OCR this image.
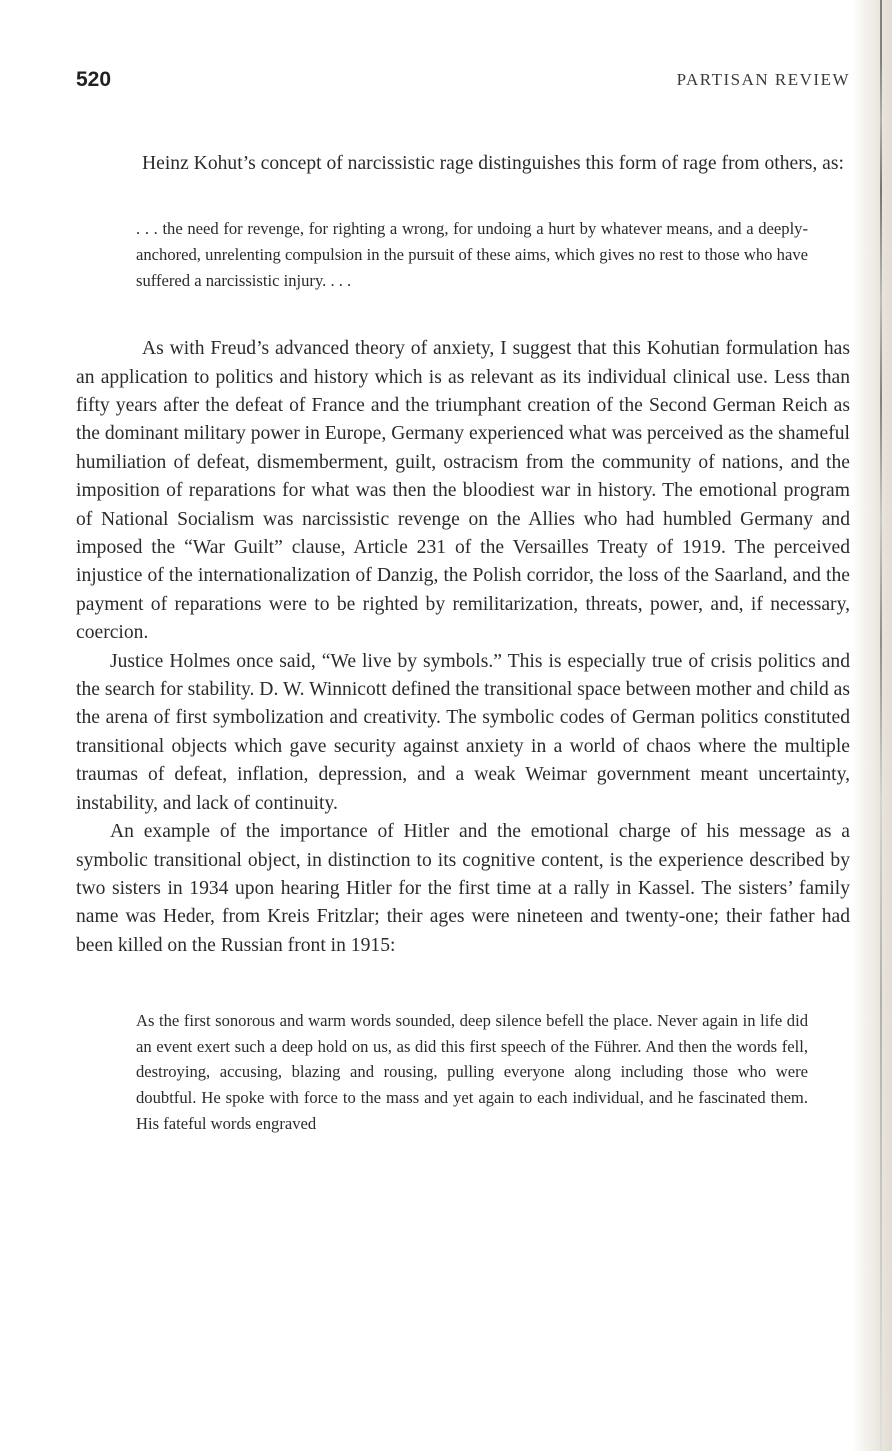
520	PARTISAN REVIEW

Heinz Kohut’s concept of narcissistic rage distinguishes this form of rage from others, as:

. . . the need for revenge, for righting a wrong, for undoing a hurt by whatever means, and a deeply-anchored, unrelenting compulsion in the pursuit of these aims, which gives no rest to those who have suffered a narcissistic injury. . . .

As with Freud’s advanced theory of anxiety, I suggest that this Kohutian formulation has an application to politics and history which is as relevant as its individual clinical use. Less than fifty years after the defeat of France and the triumphant creation of the Second German Reich as the dominant military power in Europe, Germany experienced what was perceived as the shameful humiliation of defeat, dismemberment, guilt, ostracism from the community of nations, and the imposition of reparations for what was then the bloodiest war in history. The emotional program of National Socialism was narcissistic revenge on the Allies who had humbled Germany and imposed the “War Guilt” clause, Article 231 of the Versailles Treaty of 1919. The perceived injustice of the internationalization of Danzig, the Polish corridor, the loss of the Saarland, and the payment of reparations were to be righted by remilitarization, threats, power, and, if necessary, coercion.

Justice Holmes once said, “We live by symbols.” This is especially true of crisis politics and the search for stability. D. W. Winnicott defined the transitional space between mother and child as the arena of first symbolization and creativity. The symbolic codes of German politics constituted transitional objects which gave security against anxiety in a world of chaos where the multiple traumas of defeat, inflation, depression, and a weak Weimar government meant uncertainty, instability, and lack of continuity.

An example of the importance of Hitler and the emotional charge of his message as a symbolic transitional object, in distinction to its cognitive content, is the experience described by two sisters in 1934 upon hearing Hitler for the first time at a rally in Kassel. The sisters’ family name was Heder, from Kreis Fritzlar; their ages were nineteen and twenty-one; their father had been killed on the Russian front in 1915:

As the first sonorous and warm words sounded, deep silence befell the place. Never again in life did an event exert such a deep hold on us, as did this first speech of the Führer. And then the words fell, destroying, accusing, blazing and rousing, pulling everyone along including those who were doubtful. He spoke with force to the mass and yet again to each individual, and he fascinated them. His fateful words engraved
